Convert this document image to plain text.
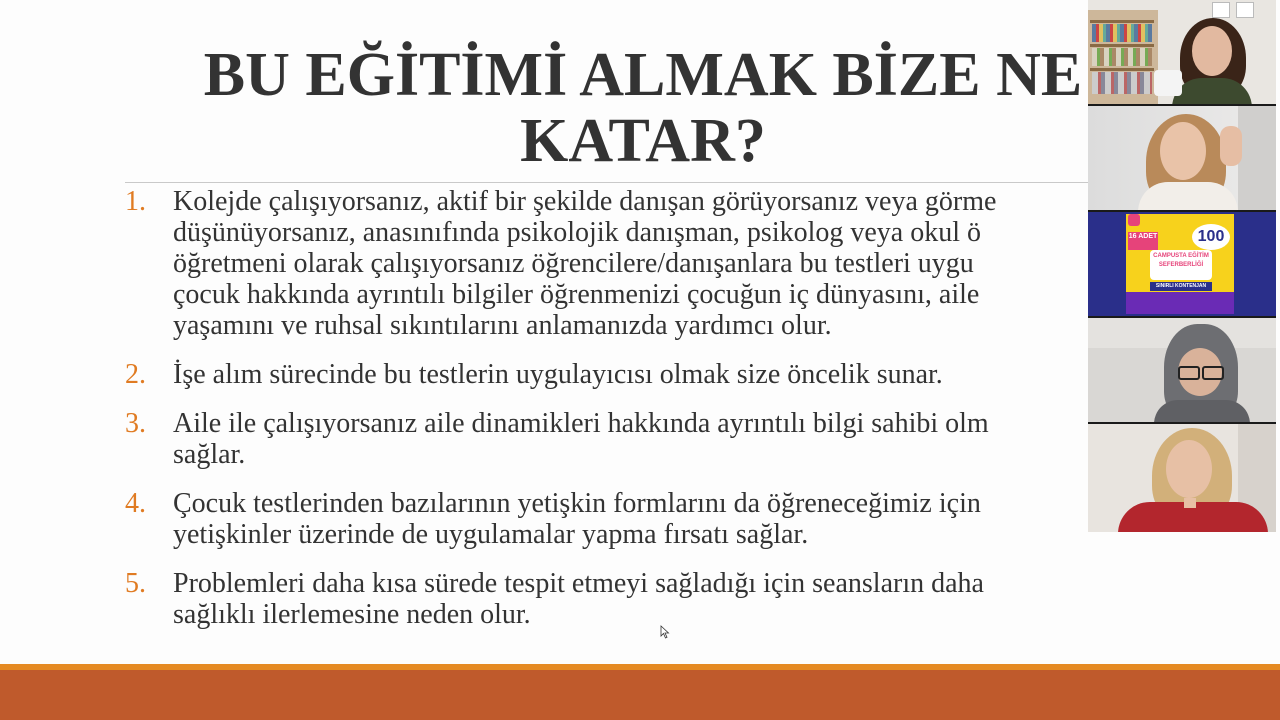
BU EĞİTİMİ ALMAK BİZE NE
KATAR?
1. Kolejde çalışıyorsanız, aktif bir şekilde danışan görüyorsanız veya görme
düşünüyorsanız, anasınıfında psikolojik danışman, psikolog veya okul ö
öğretmeni olarak çalışıyorsanız öğrencilere/danışanlara bu testleri uygu
çocuk hakkında ayrıntılı bilgiler öğrenmenizi çocuğun iç dünyasını, aile
yaşamını ve ruhsal sıkıntılarını anlamanızda yardımcı olur.
2. İşe alım sürecinde bu testlerin uygulayıcısı olmak size öncelik sunar.
3. Aile ile çalışıyorsanız aile dinamikleri hakkında ayrıntılı bilgi sahibi olm
sağlar.
4. Çocuk testlerinden bazılarının yetişkin formlarını da öğreneceğimiz için
yetişkinler üzerinde de uygulamalar yapma fırsatı sağlar.
5. Problemleri daha kısa sürede tespit etmeyi sağladığı için seansların daha
sağlıklı ilerlemesine neden olur.
16 ADET	100
CAMPUSTA EĞİTİM SEFERBERLİĞİ
SINIRLI KONTENJAN
